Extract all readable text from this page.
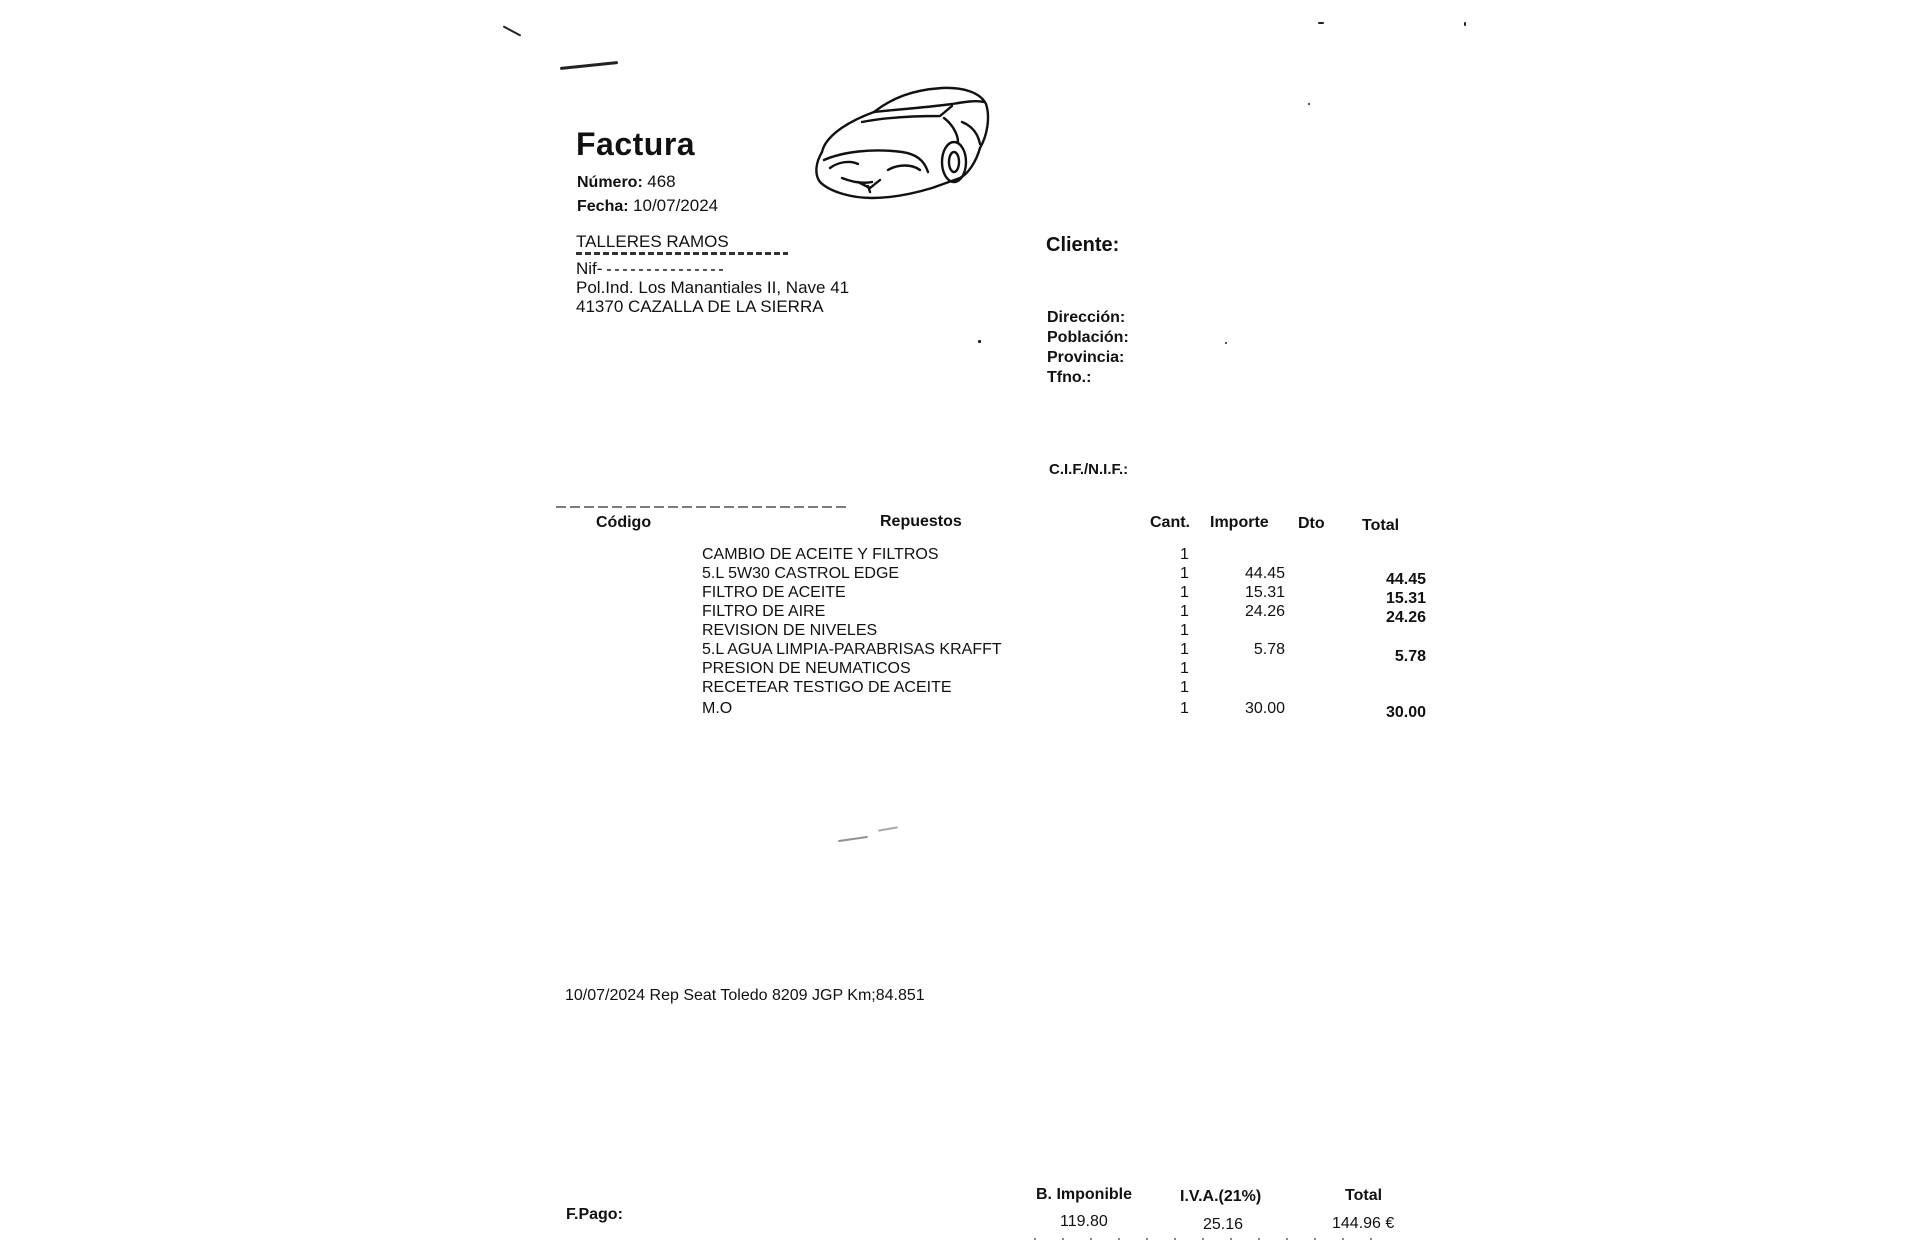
Factura
Número: 468
Fecha: 10/07/2024
TALLERES RAMOS
Nif-
Pol.Ind. Los Manantiales II, Nave 41
41370 CAZALLA DE LA SIERRA
Cliente:
Dirección:
Población:
Provincia:
Tfno.:
C.I.F./N.I.F.:
Código	Repuestos	Cant. Importe Dto Total
CAMBIO DE ACEITE Y FILTROS	1
5.L 5W30 CASTROL EDGE	1	44.45	44.45
FILTRO DE ACEITE	1	15.31	15.31
FILTRO DE AIRE	1	24.26	24.26
REVISION DE NIVELES	1
5.L AGUA LIMPIA-PARABRISAS KRAFFT	1	5.78	5.78
PRESION DE NEUMATICOS	1
RECETEAR TESTIGO DE ACEITE	1
M.O	1	30.00	30.00
10/07/2024 Rep Seat Toledo 8209 JGP Km;84.851
F.Pago:
B. Imponible
119.80
I.V.A.(21%)
25.16
Total
144.96 €
